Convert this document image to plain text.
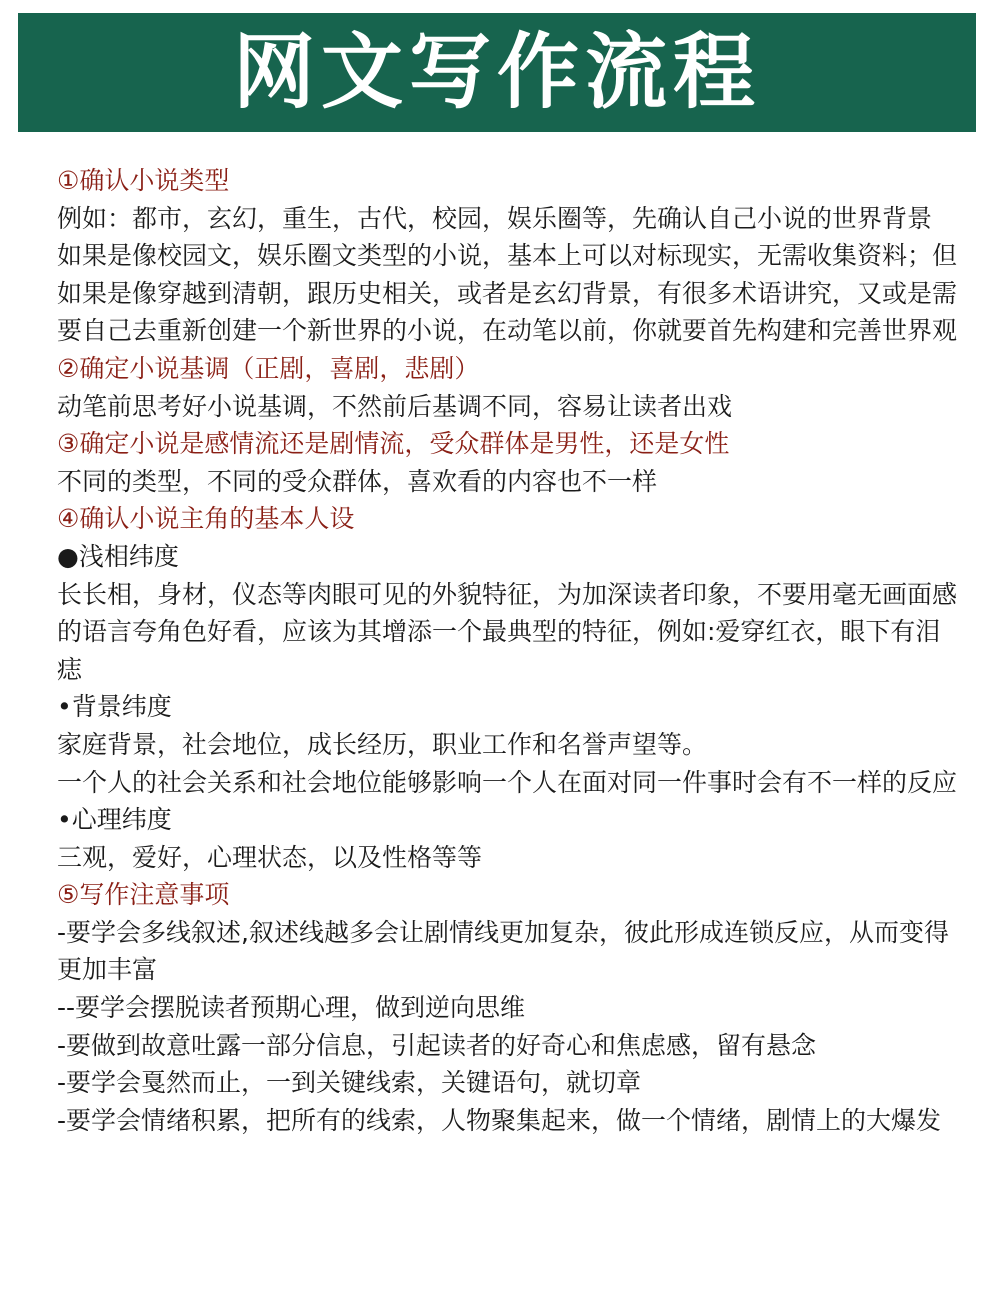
网文写作流程

①确认小说类型

例如：都市，玄幻，重生，古代，校园，娱乐圈等，先确认自己小说的世界背景

如果是像校园文，娱乐圈文类型的小说，基本上可以对标现实，无需收集资料；但如果是像穿越到清朝，跟历史相关，或者是玄幻背景，有很多术语讲究，又或是需要自己去重新创建一个新世界的小说，在动笔以前，你就要首先构建和完善世界观

②确定小说基调（正剧，喜剧，悲剧）

动笔前思考好小说基调，不然前后基调不同，容易让读者出戏

③确定小说是感情流还是剧情流，受众群体是男性，还是女性

不同的类型，不同的受众群体，喜欢看的内容也不一样

④确认小说主角的基本人设

●浅相纬度

长长相，身材，仪态等肉眼可见的外貌特征，为加深读者印象，不要用毫无画面感的语言夸角色好看，应该为其增添一个最典型的特征，例如:爱穿红衣，眼下有泪痣

•背景纬度

家庭背景，社会地位，成长经历，职业工作和名誉声望等。

一个人的社会关系和社会地位能够影响一个人在面对同一件事时会有不一样的反应

•心理纬度

三观，爱好，心理状态，以及性格等等

⑤写作注意事项

-要学会多线叙述,叙述线越多会让剧情线更加复杂，彼此形成连锁反应，从而变得更加丰富

--要学会摆脱读者预期心理，做到逆向思维

-要做到故意吐露一部分信息，引起读者的好奇心和焦虑感，留有悬念

-要学会戛然而止，一到关键线索，关键语句，就切章

-要学会情绪积累，把所有的线索，人物聚集起来，做一个情绪，剧情上的大爆发
